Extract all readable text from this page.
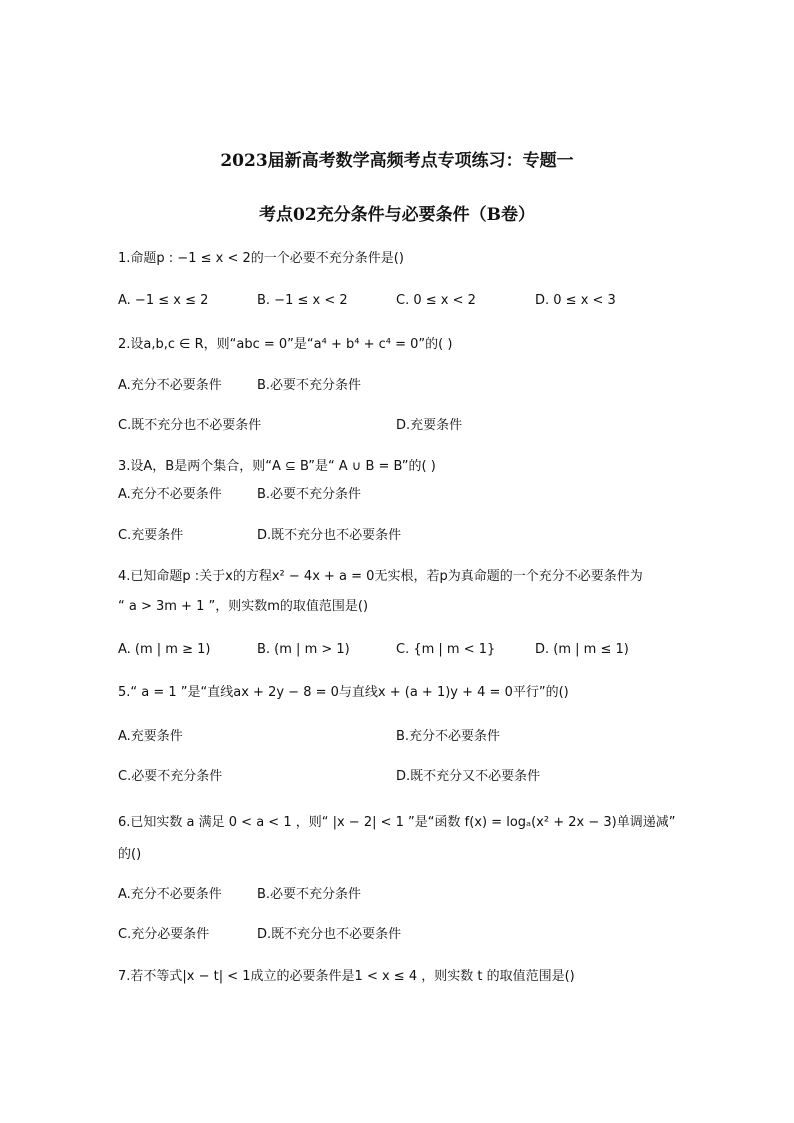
2023届新高考数学高频考点专项练习：专题一
考点02充分条件与必要条件（B卷）
1.命题p : −1 ≤ x < 2的一个必要不充分条件是()
A. −1 ≤ x ≤ 2	B. −1 ≤ x < 2	C. 0 ≤ x < 2	D. 0 ≤ x < 3
2.设a,b,c ∈ R，则“abc = 0”是“a⁴ + b⁴ + c⁴ = 0”的( )
A.充分不必要条件	B.必要不充分条件
C.既不充分也不必要条件	D.充要条件
3.设A，B是两个集合，则“A ⊆ B”是“ A ∪ B = B”的( )
A.充分不必要条件	B.必要不充分条件
C.充要条件	D.既不充分也不必要条件
4.已知命题p :关于x的方程x² − 4x + a = 0无实根，若p为真命题的一个充分不必要条件为
“ a > 3m + 1 ”，则实数m的取值范围是()
A. (m | m ≥ 1)	B. (m | m > 1)	C. {m | m < 1}	D. (m | m ≤ 1)
5.“ a = 1 ”是“直线ax + 2y − 8 = 0与直线x + (a + 1)y + 4 = 0平行”的()
A.充要条件	B.充分不必要条件
C.必要不充分条件	D.既不充分又不必要条件
6.已知实数 a 满足 0 < a < 1 ，则“ |x − 2| < 1 ”是“函数 f(x) = logₐ(x² + 2x − 3)单调递减”
的()
A.充分不必要条件	B.必要不充分条件
C.充分必要条件	D.既不充分也不必要条件
7.若不等式|x − t| < 1成立的必要条件是1 < x ≤ 4 ，则实数 t 的取值范围是()
